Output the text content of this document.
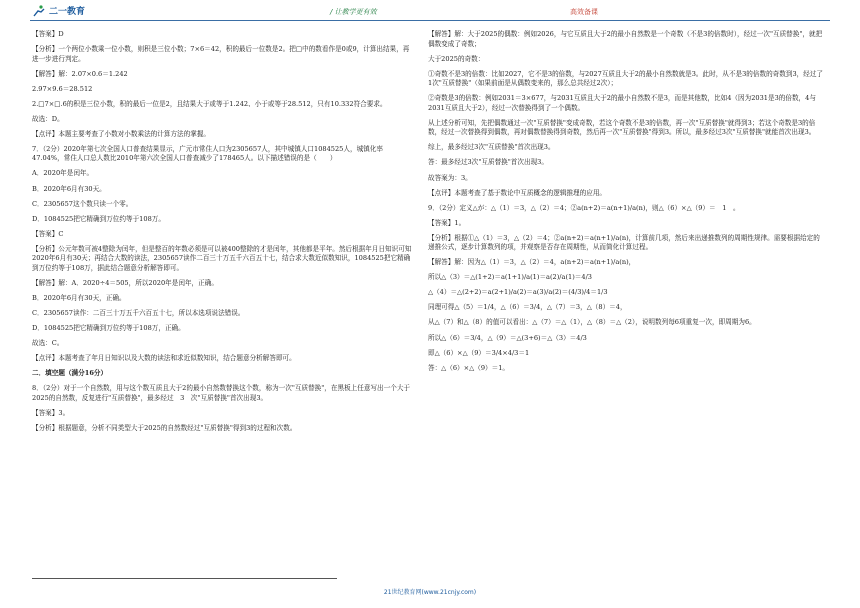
二一教育	/ 让教学更有效	高效备课

【答案】D

【分析】一个两位小数乘一位小数，则积是三位小数；7×6＝42，积的最后一位数是2。把□中的数看作是0或9，计算出结果，再进一步进行判定。

【解答】解：2.07×0.6＝1.242

2.97×9.6＝28.512

2.□7×□.6的积是三位小数，积的最后一位是2，且结果大于或等于1.242、小于或等于28.512，只有10.332符合要求。

故选：D。

【点评】本题主要考查了小数对小数乘法的计算方法的掌握。

7．（2分）2020年第七次全国人口普查结果显示，广元市常住人口为2305657人，其中城镇人口1084525人，城镇化率47.04%，常住人口总人数比2010年第六次全国人口普查减少了178465人。以下描述错误的是（　　）

A．2020年是闰年。

B．2020年6月有30天。

C．2305657这个数只读一个零。

D．1084525把它精确到万位约等于108万。

【答案】C

【分析】公元年数可被4整除为闰年，但是整百的年数必须是可以被400整除的才是闰年，其他都是平年。然后根据年月日知识可知2020年6月有30天；再结合大数的读法，2305657读作二百三十万五千六百五十七，结合求大数近似数知识，1084525把它精确到万位约等于108万，据此结合题意分析解答即可。

【解答】解：A．2020÷4＝505，所以2020年是闰年，正确。

B．2020年6月有30天，正确。

C．2305657读作：二百三十万五千六百五十七，所以本选项说法错误。

D．1084525把它精确到万位约等于108万，正确。

故选：C。

【点评】本题考查了年月日知识以及大数的读法和求近似数知识，结合题意分析解答即可。

二．填空题（满分16分）

8．（2分）对于一个自然数，用与这个数互质且大于2的最小自然数替换这个数，称为一次"互质替换"，在黑板上任意写出一个大于2025的自然数，反复进行"互质替换"，最多经过　3　次"互质替换"首次出现3。

【答案】3。

【分析】根据题意，分析不同类型大于2025的自然数经过"互质替换"得到3的过程和次数。

【解答】解：大于2025的偶数：例如2026，与它互质且大于2的最小自然数是一个奇数（不是3的倍数时），经过一次"互质替换"，就把偶数变成了奇数；

大于2025的奇数：

①奇数不是3的倍数：比如2027，它不是3的倍数，与2027互质且大于2的最小自然数就是3。此时，从不是3的倍数的奇数到3，经过了1次"互质替换"（如果前面是从偶数变来的，那么总共经过2次）；

②奇数是3的倍数：例如2031＝3×677，与2031互质且大于2的最小自然数不是3，而是其他数，比如4（因为2031是3的倍数，4与2031互质且大于2），经过一次替换得到了一个偶数。

从上述分析可知，先把偶数通过一次"互质替换"变成奇数，若这个奇数不是3的倍数，再一次"互质替换"就得到3；若这个奇数是3的倍数，经过一次替换得到偶数，再对偶数替换得到奇数，然后再一次"互质替换"得到3。所以，最多经过3次"互质替换"就能首次出现3。

综上，最多经过3次"互质替换"首次出现3。

答：最多经过3次"互质替换"首次出现3。

故答案为：3。

【点评】本题考查了基于数论中互质概念的逻辑推理的应用。

9．（2分）定义△が：△（1）＝3，△（2）＝4；②a(n+2)＝a(n+1)/a(n)，则△（6）×△（9）＝　1　。

【答案】1。

【分析】根据①△（1）＝3，△（2）＝4；②a(n+2)＝a(n+1)/a(n)，计算前几项，然后来出递推数列的周期性规律。需要根据给定的递推公式，逐步计算数列的项，并观察是否存在周期性，从而简化计算过程。

【解答】解：因为△（1）＝3，△（2）＝4，a(n+2)＝a(n+1)/a(n)，

所以△（3）＝△(1+2)＝a(1+1)/a(1)＝a(2)/a(1)＝4/3

△（4）＝△(2+2)＝a(2+1)/a(2)＝a(3)/a(2)＝(4/3)/4＝1/3

同理可得△（5）＝1/4，△（6）＝3/4，△（7）＝3，△（8）＝4，

从△（7）和△（8）的值可以看出：△（7）＝△（1），△（8）＝△（2），说明数列每6项重复一次，即周期为6。

所以△（6）＝3/4，△（9）＝△(3+6)＝△（3）＝4/3

即△（6）×△（9）＝3/4×4/3＝1

答：△（6）×△（9）＝1。

21世纪教育网(www.21cnjy.com)
